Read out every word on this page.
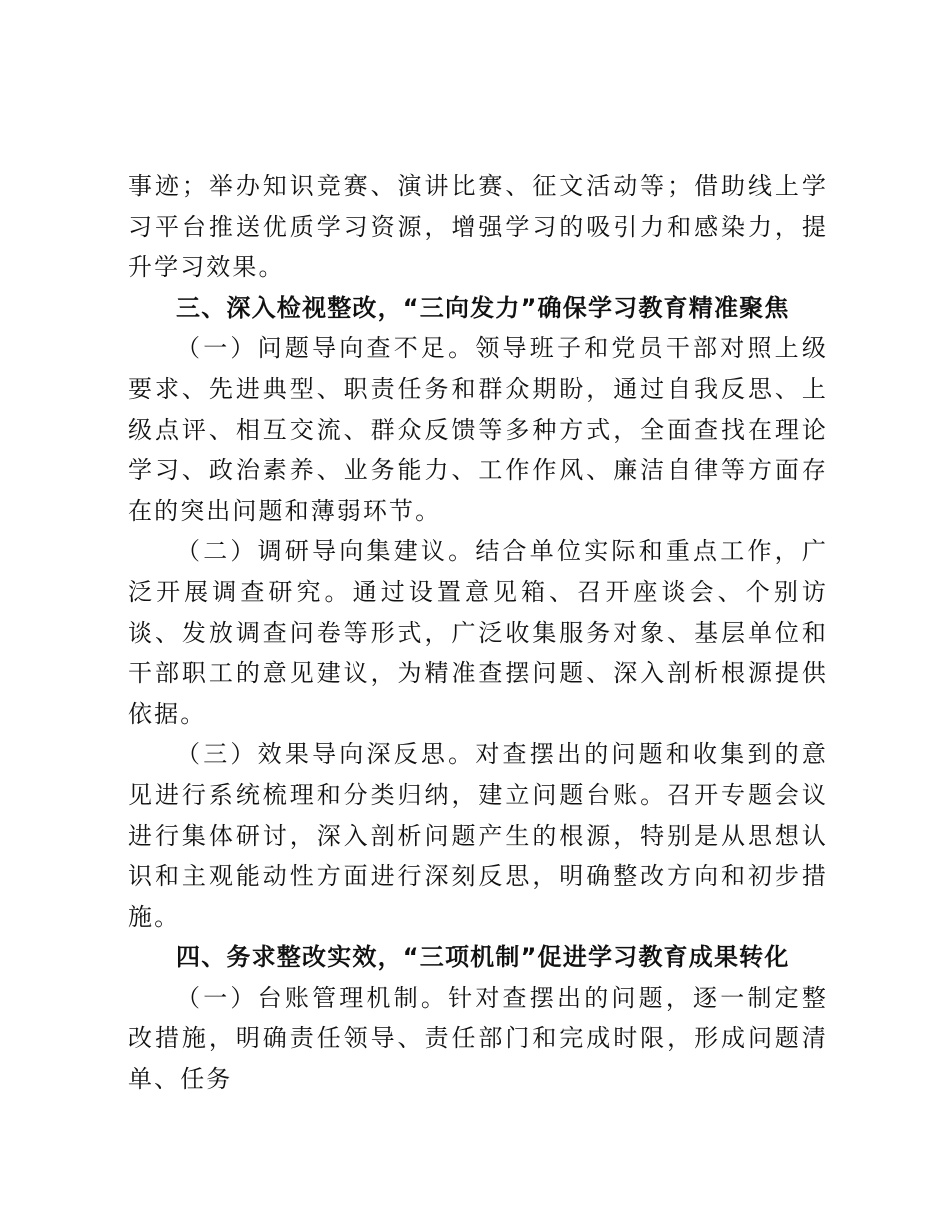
事迹；举办知识竞赛、演讲比赛、征文活动等；借助线上学习平台推送优质学习资源，增强学习的吸引力和感染力，提升学习效果。

三、深入检视整改，“三向发力”确保学习教育精准聚焦

（一）问题导向查不足。领导班子和党员干部对照上级要求、先进典型、职责任务和群众期盼，通过自我反思、上级点评、相互交流、群众反馈等多种方式，全面查找在理论学习、政治素养、业务能力、工作作风、廉洁自律等方面存在的突出问题和薄弱环节。

（二）调研导向集建议。结合单位实际和重点工作，广泛开展调查研究。通过设置意见箱、召开座谈会、个别访谈、发放调查问卷等形式，广泛收集服务对象、基层单位和干部职工的意见建议，为精准查摆问题、深入剖析根源提供依据。

（三）效果导向深反思。对查摆出的问题和收集到的意见进行系统梳理和分类归纳，建立问题台账。召开专题会议进行集体研讨，深入剖析问题产生的根源，特别是从思想认识和主观能动性方面进行深刻反思，明确整改方向和初步措施。

四、务求整改实效，“三项机制”促进学习教育成果转化

（一）台账管理机制。针对查摆出的问题，逐一制定整改措施，明确责任领导、责任部门和完成时限，形成问题清单、任务
